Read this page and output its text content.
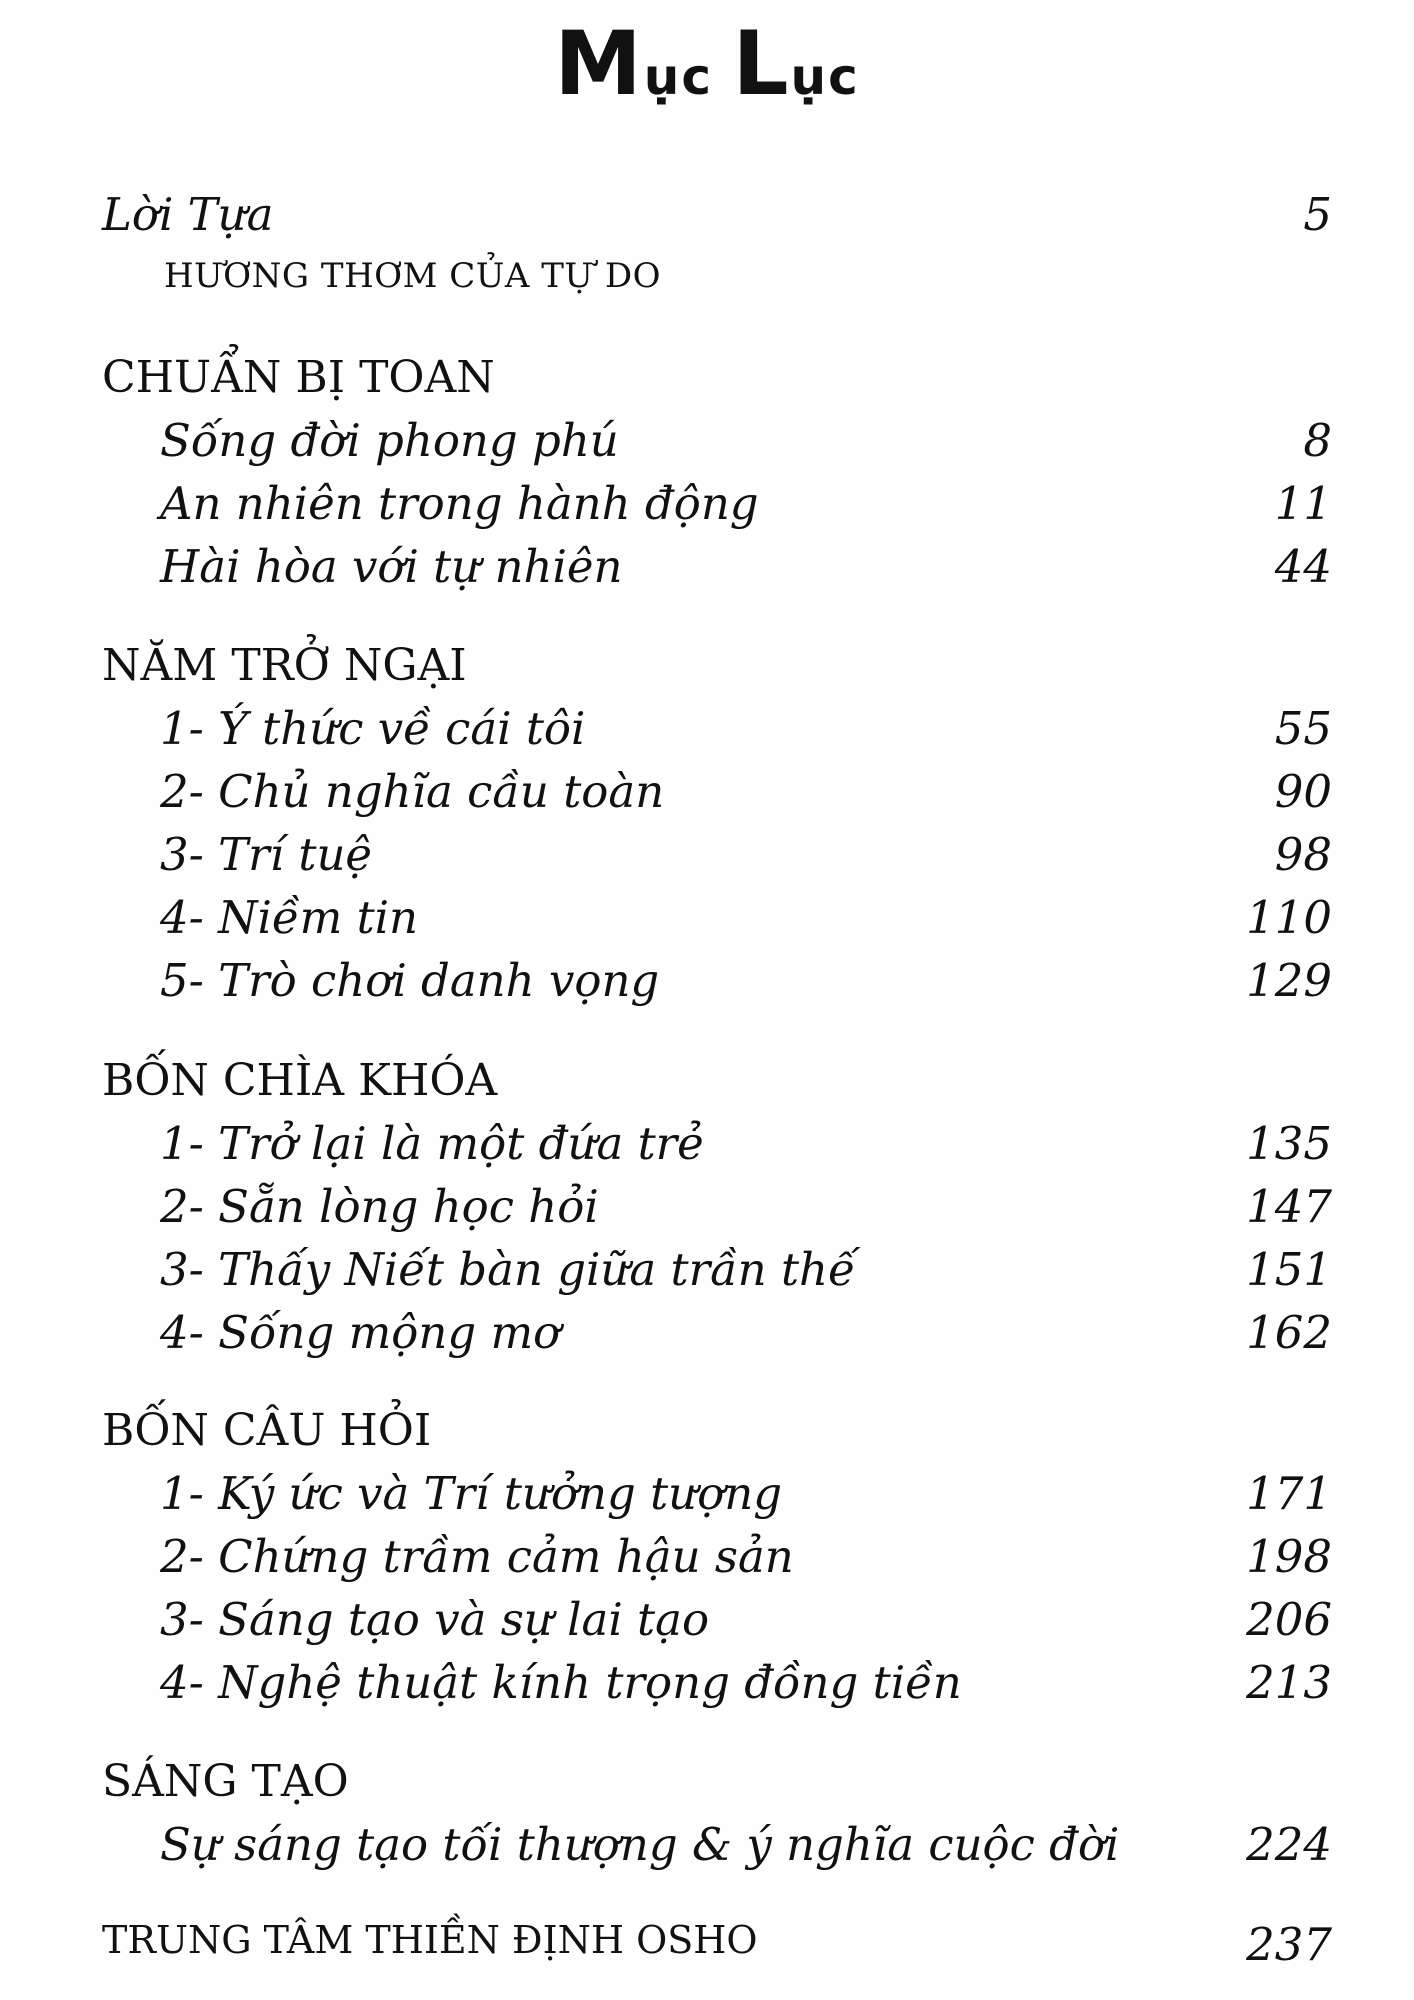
Mục Lục
Lời Tựa	5
HƯƠNG THƠM CỦA TỰ DO
CHUẨN BỊ TOAN
Sống đời phong phú	8
An nhiên trong hành động	11
Hài hòa với tự nhiên	44
NĂM TRỞ NGẠI
1- Ý thức về cái tôi	55
2- Chủ nghĩa cầu toàn	90
3- Trí tuệ	98
4- Niềm tin	110
5- Trò chơi danh vọng	129
BỐN CHÌA KHÓA
1- Trở lại là một đứa trẻ	135
2- Sẵn lòng học hỏi	147
3- Thấy Niết bàn giữa trần thế	151
4- Sống mộng mơ	162
BỐN CÂU HỎI
1- Ký ức và Trí tưởng tượng	171
2- Chứng trầm cảm hậu sản	198
3- Sáng tạo và sự lai tạo	206
4- Nghệ thuật kính trọng đồng tiền	213
SÁNG TẠO
Sự sáng tạo tối thượng & ý nghĩa cuộc đời	224
TRUNG TÂM THIỀN ĐỊNH OSHO	237
